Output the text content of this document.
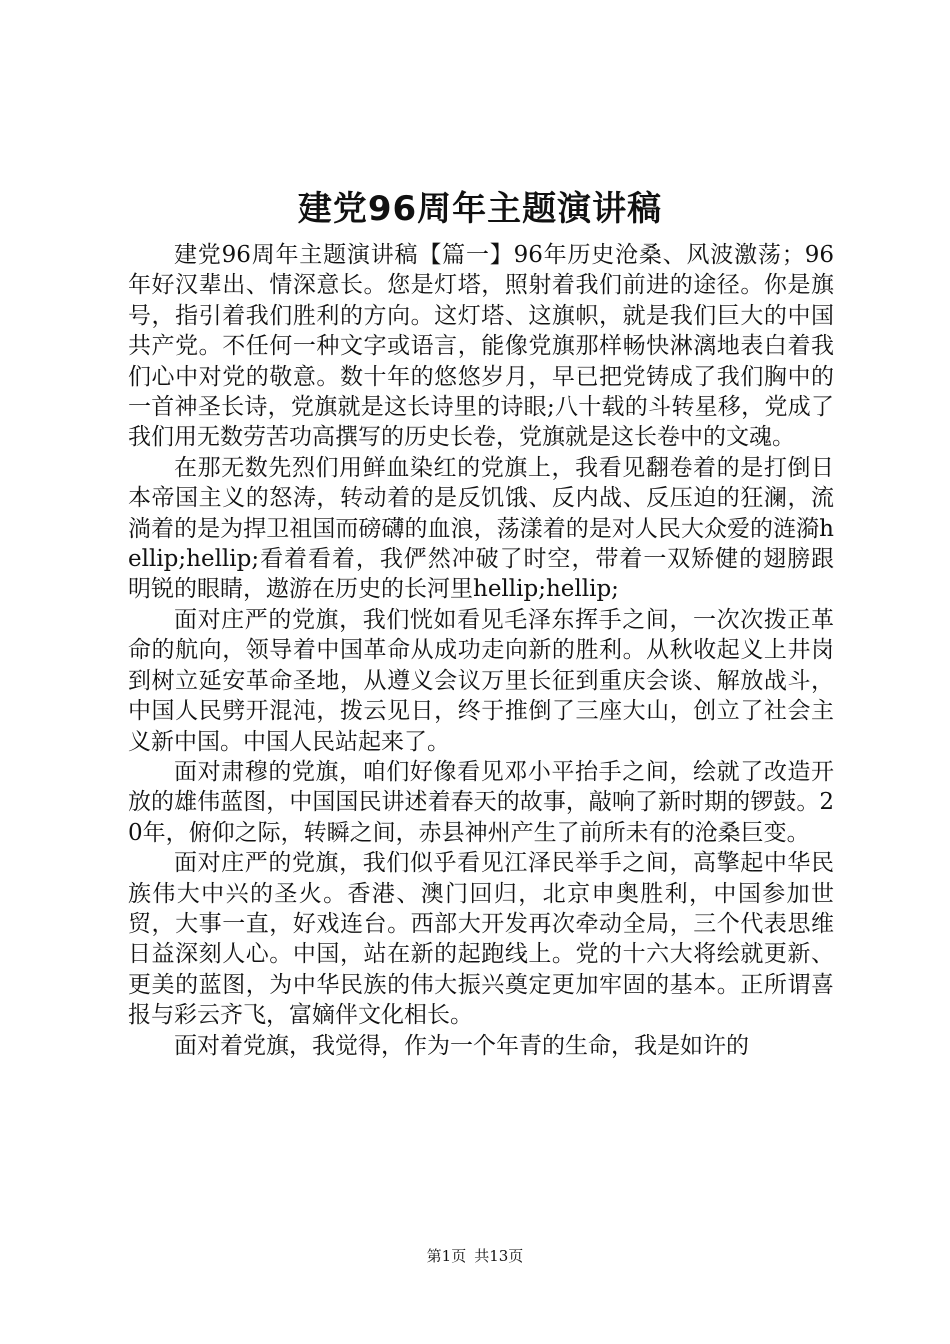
建党96周年主题演讲稿

建党96周年主题演讲稿【篇一】96年历史沧桑、风波激荡；96年好汉辈出、情深意长。您是灯塔，照射着我们前进的途径。你是旗号，指引着我们胜利的方向。这灯塔、这旗帜，就是我们巨大的中国共产党。不任何一种文字或语言，能像党旗那样畅快淋漓地表白着我们心中对党的敬意。数十年的悠悠岁月，早已把党铸成了我们胸中的一首神圣长诗，党旗就是这长诗里的诗眼;八十载的斗转星移，党成了我们用无数劳苦功高撰写的历史长卷，党旗就是这长卷中的文魂。

在那无数先烈们用鲜血染红的党旗上，我看见翻卷着的是打倒日本帝国主义的怒涛，转动着的是反饥饿、反内战、反压迫的狂澜，流淌着的是为捍卫祖国而磅礴的血浪，荡漾着的是对人民大众爱的涟漪hellip;hellip;看着看着，我俨然冲破了时空，带着一双矫健的翅膀跟明锐的眼睛，遨游在历史的长河里hellip;hellip;

面对庄严的党旗，我们恍如看见毛泽东挥手之间，一次次拨正革命的航向，领导着中国革命从成功走向新的胜利。从秋收起义上井岗到树立延安革命圣地，从遵义会议万里长征到重庆会谈、解放战斗，中国人民劈开混沌，拨云见日，终于推倒了三座大山，创立了社会主义新中国。中国人民站起来了。

面对肃穆的党旗，咱们好像看见邓小平抬手之间，绘就了改造开放的雄伟蓝图，中国国民讲述着春天的故事，敲响了新时期的锣鼓。20年，俯仰之际，转瞬之间，赤县神州产生了前所未有的沧桑巨变。

面对庄严的党旗，我们似乎看见江泽民举手之间，高擎起中华民族伟大中兴的圣火。香港、澳门回归，北京申奥胜利，中国参加世贸，大事一直，好戏连台。西部大开发再次牵动全局，三个代表思维日益深刻人心。中国，站在新的起跑线上。党的十六大将绘就更新、更美的蓝图，为中华民族的伟大振兴奠定更加牢固的基本。正所谓喜报与彩云齐飞，富嫡伴文化相长。

面对着党旗，我觉得，作为一个年青的生命，我是如许的

第1页 共13页
